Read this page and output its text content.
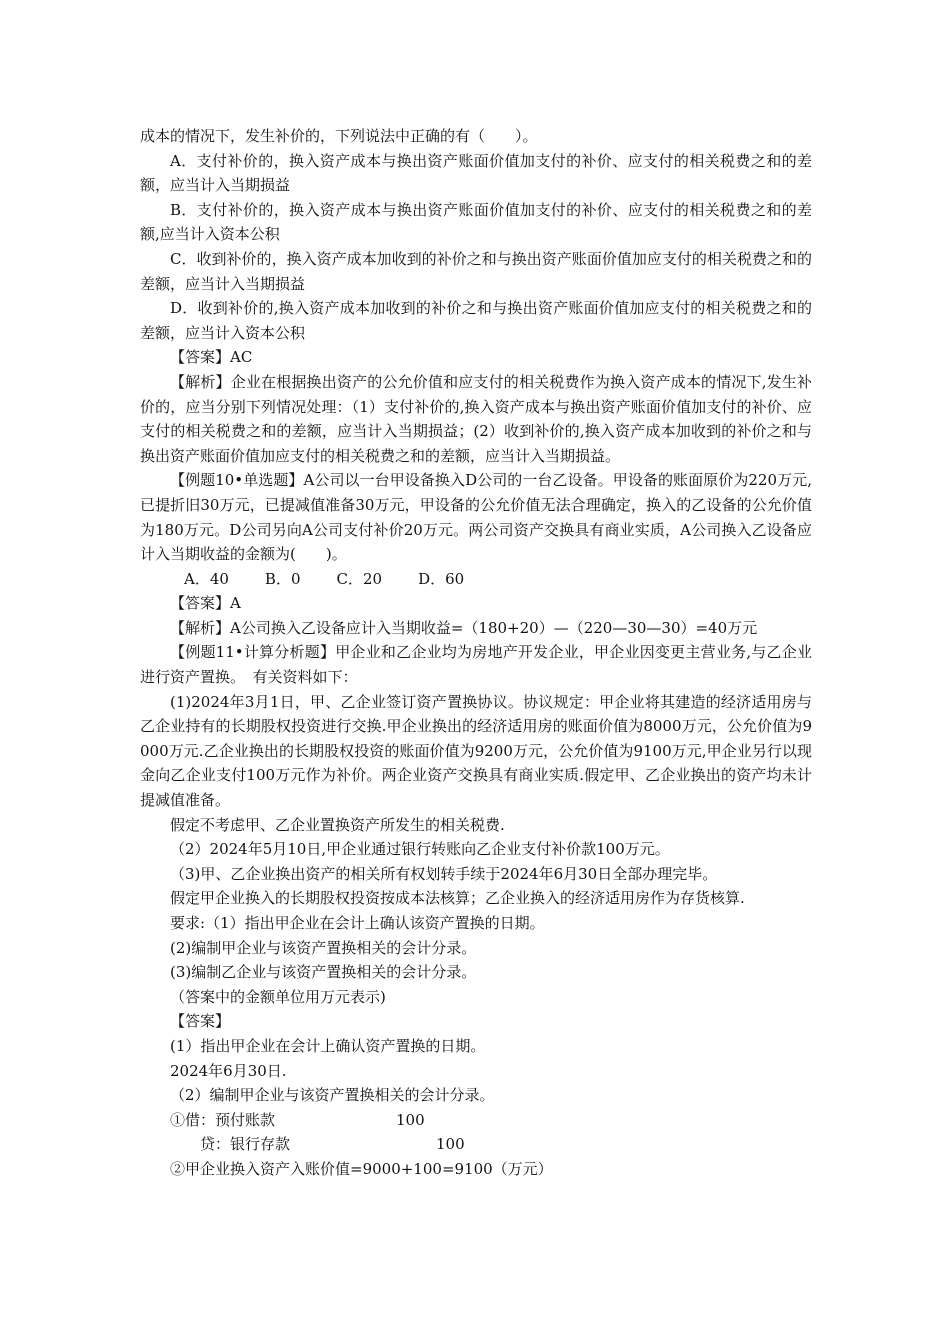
成本的情况下，发生补价的，下列说法中正确的有（　　）。

A．支付补价的，换入资产成本与换出资产账面价值加支付的补价、应支付的相关税费之和的差额，应当计入当期损益

B．支付补价的，换入资产成本与换出资产账面价值加支付的补价、应支付的相关税费之和的差额,应当计入资本公积

C．收到补价的，换入资产成本加收到的补价之和与换出资产账面价值加应支付的相关税费之和的差额，应当计入当期损益

D．收到补价的,换入资产成本加收到的补价之和与换出资产账面价值加应支付的相关税费之和的差额，应当计入资本公积

【答案】AC

【解析】企业在根据换出资产的公允价值和应支付的相关税费作为换入资产成本的情况下,发生补价的，应当分别下列情况处理：（1）支付补价的,换入资产成本与换出资产账面价值加支付的补价、应支付的相关税费之和的差额，应当计入当期损益；(2）收到补价的,换入资产成本加收到的补价之和与换出资产账面价值加应支付的相关税费之和的差额，应当计入当期损益。

【例题10•单选题】A公司以一台甲设备换入D公司的一台乙设备。甲设备的账面原价为220万元,已提折旧30万元，已提减值准备30万元，甲设备的公允价值无法合理确定，换入的乙设备的公允价值为180万元。D公司另向A公司支付补价20万元。两公司资产交换具有商业实质，A公司换入乙设备应计入当期收益的金额为(　　)。

A．40 B．0 C．20 D．60

【答案】A

【解析】A公司换入乙设备应计入当期收益=（180+20）—（220—30—30）=40万元

【例题11•计算分析题】甲企业和乙企业均为房地产开发企业，甲企业因变更主营业务,与乙企业进行资产置换。　有关资料如下：

(1)2024年3月1日，甲、乙企业签订资产置换协议。协议规定：甲企业将其建造的经济适用房与乙企业持有的长期股权投资进行交换.甲企业换出的经济适用房的账面价值为8000万元，公允价值为9000万元.乙企业换出的长期股权投资的账面价值为9200万元，公允价值为9100万元,甲企业另行以现金向乙企业支付100万元作为补价。两企业资产交换具有商业实质.假定甲、乙企业换出的资产均未计提减值准备。

假定不考虑甲、乙企业置换资产所发生的相关税费.

（2）2024年5月10日,甲企业通过银行转账向乙企业支付补价款100万元。

（3)甲、乙企业换出资产的相关所有权划转手续于2024年6月30日全部办理完毕。

假定甲企业换入的长期股权投资按成本法核算；乙企业换入的经济适用房作为存货核算.

要求:（1）指出甲企业在会计上确认该资产置换的日期。

(2)编制甲企业与该资产置换相关的会计分录。

(3)编制乙企业与该资产置换相关的会计分录。

（答案中的金额单位用万元表示)

【答案】

(1）指出甲企业在会计上确认资产置换的日期。

2024年6月30日.

（2）编制甲企业与该资产置换相关的会计分录。

①借：预付账款	100

贷：银行存款	100

②甲企业换入资产入账价值=9000+100=9100（万元）
